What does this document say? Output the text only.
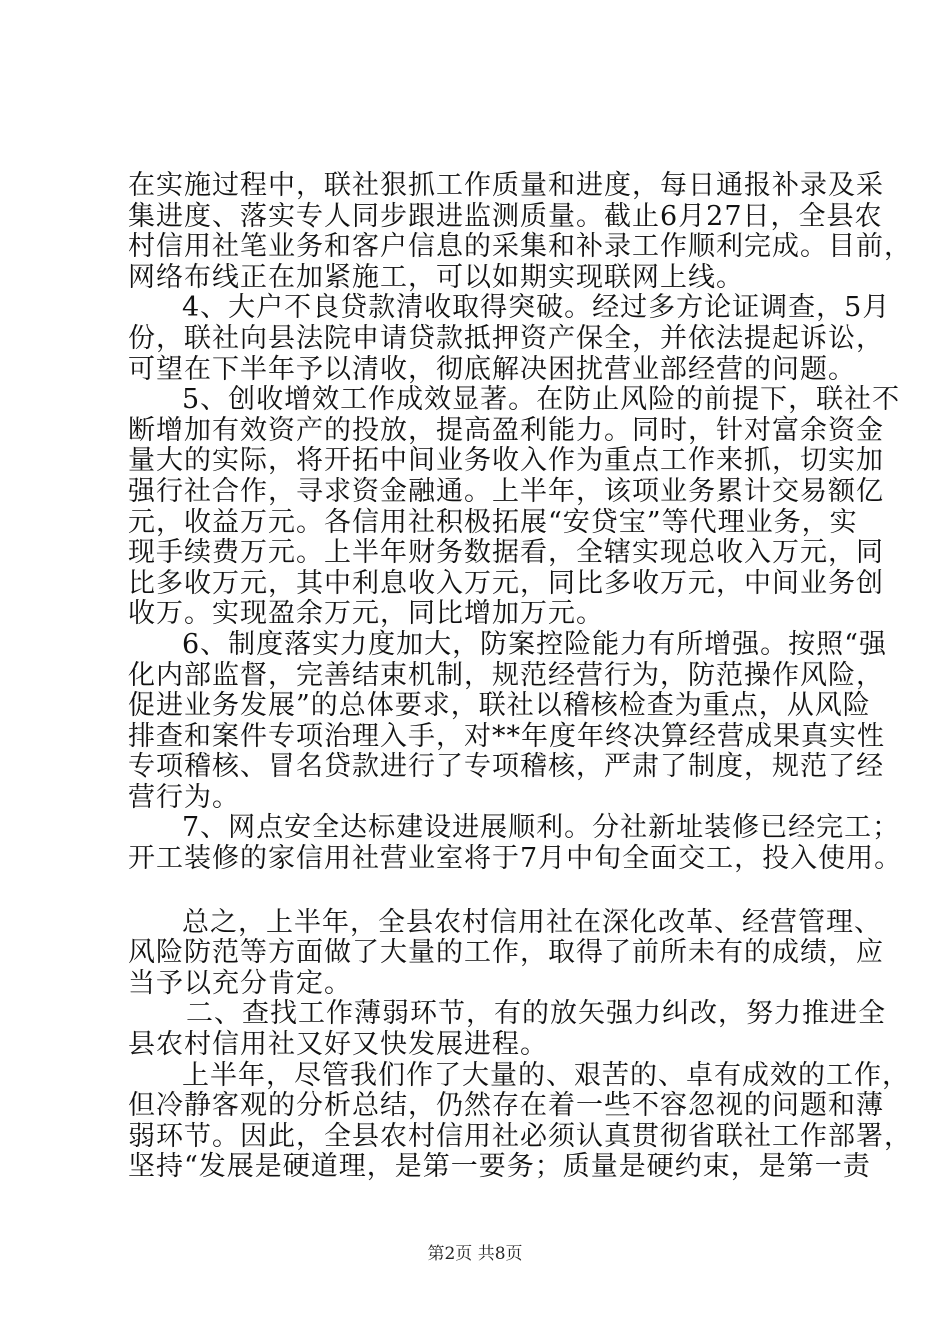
在实施过程中，联社狠抓工作质量和进度，每日通报补录及采
集进度、落实专人同步跟进监测质量。截止6月27日，全县农
村信用社笔业务和客户信息的采集和补录工作顺利完成。目前，
网络布线正在加紧施工，可以如期实现联网上线。
4、大户不良贷款清收取得突破。经过多方论证调查，5月
份，联社向县法院申请贷款抵押资产保全，并依法提起诉讼，
可望在下半年予以清收，彻底解决困扰营业部经营的问题。
5、创收增效工作成效显著。在防止风险的前提下，联社不
断增加有效资产的投放，提高盈利能力。同时，针对富余资金
量大的实际，将开拓中间业务收入作为重点工作来抓，切实加
强行社合作，寻求资金融通。上半年，该项业务累计交易额亿
元，收益万元。各信用社积极拓展“安贷宝”等代理业务，实
现手续费万元。上半年财务数据看，全辖实现总收入万元，同
比多收万元，其中利息收入万元，同比多收万元，中间业务创
收万。实现盈余万元，同比增加万元。
6、制度落实力度加大，防案控险能力有所增强。按照“强
化内部监督，完善结束机制，规范经营行为，防范操作风险，
促进业务发展”的总体要求，联社以稽核检查为重点，从风险
排查和案件专项治理入手，对**年度年终决算经营成果真实性
专项稽核、冒名贷款进行了专项稽核，严肃了制度，规范了经
营行为。
7、网点安全达标建设进展顺利。分社新址装修已经完工；
开工装修的家信用社营业室将于7月中旬全面交工，投入使用。
总之，上半年，全县农村信用社在深化改革、经营管理、
风险防范等方面做了大量的工作，取得了前所未有的成绩，应
当予以充分肯定。
二、查找工作薄弱环节，有的放矢强力纠改，努力推进全
县农村信用社又好又快发展进程。
上半年，尽管我们作了大量的、艰苦的、卓有成效的工作，
但冷静客观的分析总结，仍然存在着一些不容忽视的问题和薄
弱环节。因此，全县农村信用社必须认真贯彻省联社工作部署，
坚持“发展是硬道理，是第一要务；质量是硬约束，是第一责
第2页 共8页
